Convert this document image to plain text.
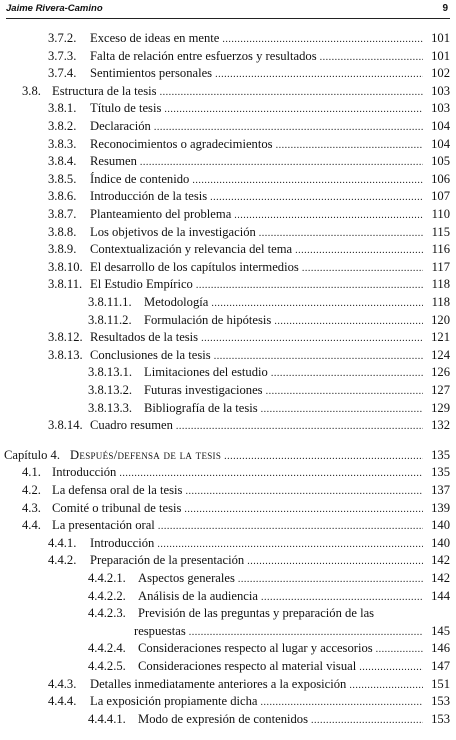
Jaime Rivera-Camino	9
3.7.2.	Exceso de ideas en mente .....	101
3.7.3.	Falta de relación entre esfuerzos y resultados .....	101
3.7.4.	Sentimientos personales .....	102
3.8. Estructura de la tesis .....	103
3.8.1.	Título de tesis .....	103
3.8.2.	Declaración .....	104
3.8.3.	Reconocimientos o agradecimientos .....	104
3.8.4.	Resumen .....	105
3.8.5.	Índice de contenido .....	106
3.8.6.	Introducción de la tesis .....	107
3.8.7.	Planteamiento del problema .....	110
3.8.8.	Los objetivos de la investigación .....	115
3.8.9.	Contextualización y relevancia del tema .....	116
3.8.10. El desarrollo de los capítulos intermedios .....	117
3.8.11. El Estudio Empírico .....	118
3.8.11.1. Metodología .....	118
3.8.11.2. Formulación de hipótesis .....	120
3.8.12. Resultados de la tesis .....	121
3.8.13. Conclusiones de la tesis .....	124
3.8.13.1. Limitaciones del estudio .....	126
3.8.13.2. Futuras investigaciones .....	127
3.8.13.3. Bibliografía de la tesis .....	129
3.8.14. Cuadro resumen .....	132
Capítulo 4. Después/defensa de la tesis .....	135
4.1. Introducción .....	135
4.2. La defensa oral de la tesis .....	137
4.3. Comité o tribunal de tesis .....	139
4.4. La presentación oral .....	140
4.4.1.	Introducción .....	140
4.4.2.	Preparación de la presentación .....	142
4.4.2.1. Aspectos generales .....	142
4.4.2.2. Análisis de la audiencia .....	144
4.4.2.3. Previsión de las preguntas y preparación de las
respuestas .....	145
4.4.2.4. Consideraciones respecto al lugar y accesorios .....	146
4.4.2.5. Consideraciones respecto al material visual .....	147
4.4.3.	Detalles inmediatamente anteriores a la exposición .....	151
4.4.4.	La exposición propiamente dicha .....	153
4.4.4.1. Modo de expresión de contenidos .....	153
